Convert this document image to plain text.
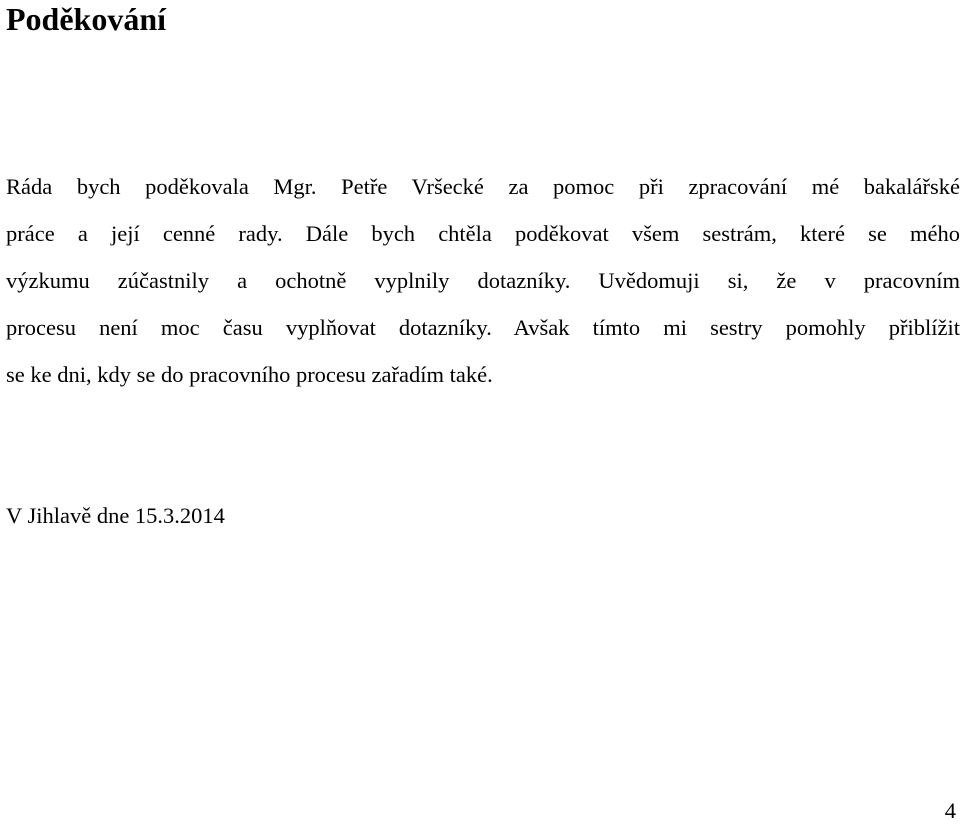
Poděkování
Ráda bych poděkovala Mgr. Petře Vršecké za pomoc při zpracování mé bakalářské
práce a její cenné rady. Dále bych chtěla poděkovat všem sestrám, které se mého
výzkumu zúčastnily a ochotně vyplnily dotazníky. Uvědomuji si, že v pracovním
procesu není moc času vyplňovat dotazníky. Avšak tímto mi sestry pomohly přiblížit
se ke dni, kdy se do pracovního procesu zařadím také.
V Jihlavě dne 15.3.2014
4
